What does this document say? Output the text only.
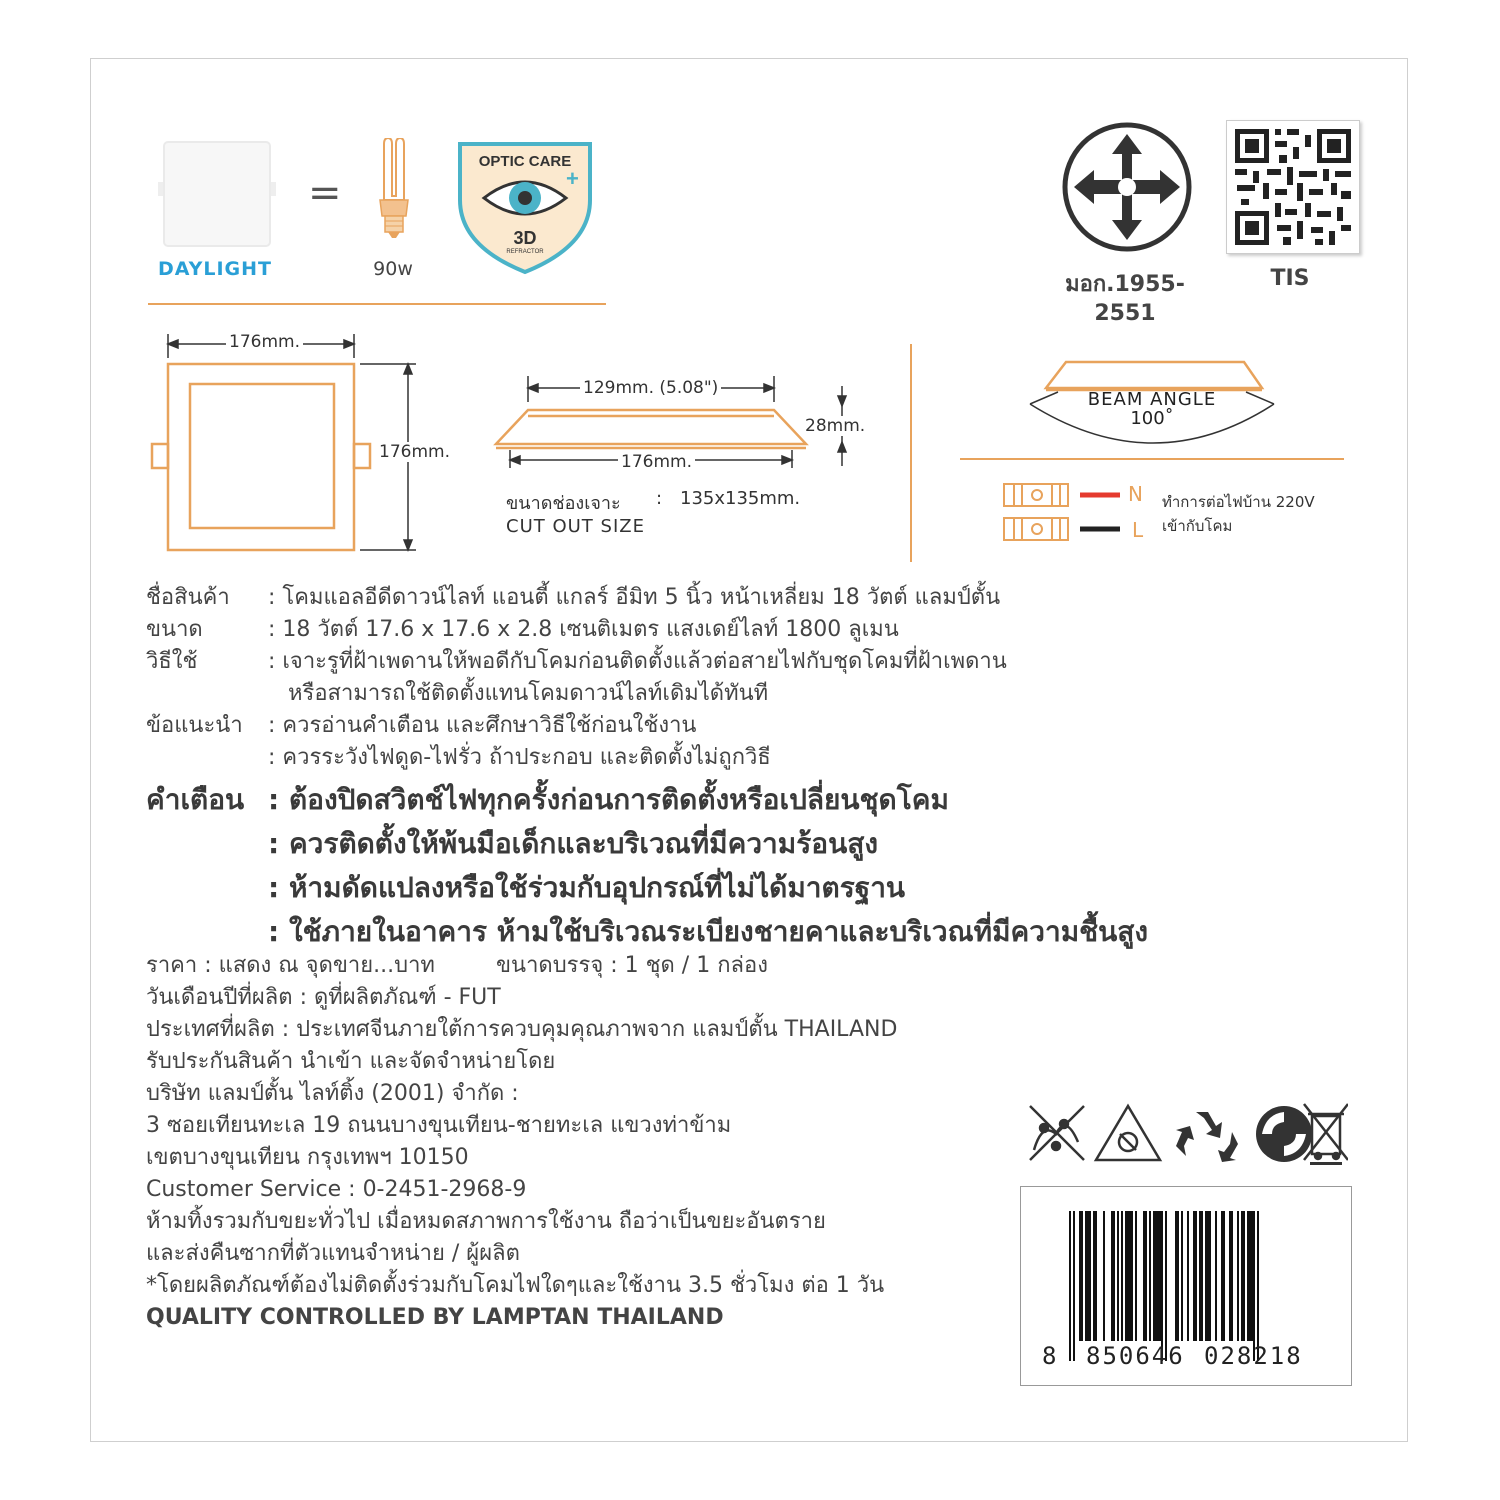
DAYLIGHT
=
90w
OPTIC CARE
+
3D
REFRACTOR
มอก.1955-2551
TIS
176mm.
176mm.
129mm. (5.08")
28mm.
176mm.
ขนาดช่องเจาะ : 135x135mm.
CUT OUT SIZE
BEAM ANGLE
100˚
N
L
ทำการต่อไฟบ้าน 220V
เข้ากับโคม
ชื่อสินค้า : โคมแอลอีดีดาวน์ไลท์ แอนตี้ แกลร์ อีมิท 5 นิ้ว หน้าเหลี่ยม 18 วัตต์ แลมป์ตั้น
ขนาด	: 18 วัตต์ 17.6 x 17.6 x 2.8 เซนติเมตร แสงเดย์ไลท์ 1800 ลูเมน
วิธีใช้	: เจาะรูที่ฝ้าเพดานให้พอดีกับโคมก่อนติดตั้งแล้วต่อสายไฟกับชุดโคมที่ฝ้าเพดาน
หรือสามารถใช้ติดตั้งแทนโคมดาวน์ไลท์เดิมได้ทันที
ข้อแนะนำ : ควรอ่านคำเตือน และศึกษาวิธีใช้ก่อนใช้งาน
: ควรระวังไฟดูด-ไฟรั่ว ถ้าประกอบ และติดตั้งไม่ถูกวิธี
คำเตือน : ต้องปิดสวิตช์ไฟทุกครั้งก่อนการติดตั้งหรือเปลี่ยนชุดโคม
: ควรติดตั้งให้พ้นมือเด็กและบริเวณที่มีความร้อนสูง
: ห้ามดัดแปลงหรือใช้ร่วมกับอุปกรณ์ที่ไม่ได้มาตรฐาน
: ใช้ภายในอาคาร ห้ามใช้บริเวณระเบียงชายคาและบริเวณที่มีความชื้นสูง
ราคา : แสดง ณ จุดขาย...บาท	ขนาดบรรจุ : 1 ชุด / 1 กล่อง
วันเดือนปีที่ผลิต : ดูที่ผลิตภัณฑ์ - FUT
ประเทศที่ผลิต : ประเทศจีนภายใต้การควบคุมคุณภาพจาก แลมป์ตั้น THAILAND
รับประกันสินค้า นำเข้า และจัดจำหน่ายโดย
บริษัท แลมป์ตั้น ไลท์ติ้ง (2001) จำกัด :
3 ซอยเทียนทะเล 19 ถนนบางขุนเทียน-ชายทะเล แขวงท่าข้าม
เขตบางขุนเทียน กรุงเทพฯ 10150
Customer Service : 0-2451-2968-9
ห้ามทิ้งรวมกับขยะทั่วไป เมื่อหมดสภาพการใช้งาน ถือว่าเป็นขยะอันตราย
และส่งคืนซากที่ตัวแทนจำหน่าย / ผู้ผลิต
*โดยผลิตภัณฑ์ต้องไม่ติดตั้งร่วมกับโคมไฟใดๆและใช้งาน 3.5 ชั่วโมง ต่อ 1 วัน
QUALITY CONTROLLED BY LAMPTAN THAILAND
8 850646 028218
